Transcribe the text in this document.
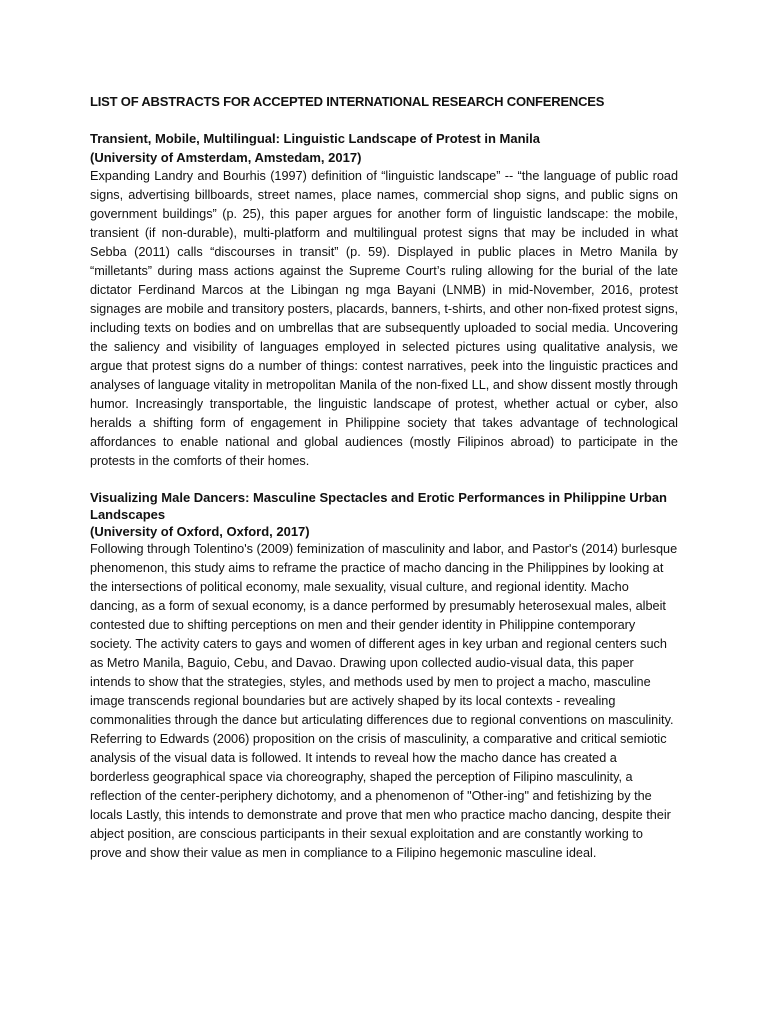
LIST OF ABSTRACTS FOR ACCEPTED INTERNATIONAL RESEARCH CONFERENCES
Transient, Mobile, Multilingual: Linguistic Landscape of Protest in Manila
(University of Amsterdam, Amstedam, 2017)
Expanding Landry and Bourhis (1997) definition of “linguistic landscape” -- “the language of public road signs, advertising billboards, street names, place names, commercial shop signs, and public signs on government buildings” (p. 25), this paper argues for another form of linguistic landscape: the mobile, transient (if non-durable), multi-platform and multilingual protest signs that may be included in what Sebba (2011) calls “discourses in transit” (p. 59). Displayed in public places in Metro Manila by “milletants” during mass actions against the Supreme Court’s ruling allowing for the burial of the late dictator Ferdinand Marcos at the Libingan ng mga Bayani (LNMB) in mid-November, 2016, protest signages are mobile and transitory posters, placards, banners, t-shirts, and other non-fixed protest signs, including texts on bodies and on umbrellas that are subsequently uploaded to social media. Uncovering the saliency and visibility of languages employed in selected pictures using qualitative analysis, we argue that protest signs do a number of things: contest narratives, peek into the linguistic practices and analyses of language vitality in metropolitan Manila of the non-fixed LL, and show dissent mostly through humor. Increasingly transportable, the linguistic landscape of protest, whether actual or cyber, also heralds a shifting form of engagement in Philippine society that takes advantage of technological affordances to enable national and global audiences (mostly Filipinos abroad) to participate in the protests in the comforts of their homes.
Visualizing Male Dancers: Masculine Spectacles and Erotic Performances in Philippine Urban Landscapes
(University of Oxford, Oxford, 2017)
Following through Tolentino's (2009) feminization of masculinity and labor, and Pastor's (2014) burlesque phenomenon, this study aims to reframe the practice of macho dancing in the Philippines by looking at the intersections of political economy, male sexuality, visual culture, and regional identity. Macho dancing, as a form of sexual economy, is a dance performed by presumably heterosexual males, albeit contested due to shifting perceptions on men and their gender identity in Philippine contemporary society. The activity caters to gays and women of different ages in key urban and regional centers such as Metro Manila, Baguio, Cebu, and Davao. Drawing upon collected audio-visual data, this paper intends to show that the strategies, styles, and methods used by men to project a macho, masculine image transcends regional boundaries but are actively shaped by its local contexts - revealing commonalities through the dance but articulating differences due to regional conventions on masculinity. Referring to Edwards (2006) proposition on the crisis of masculinity, a comparative and critical semiotic analysis of the visual data is followed. It intends to reveal how the macho dance has created a borderless geographical space via choreography, shaped the perception of Filipino masculinity, a reflection of the center-periphery dichotomy, and a phenomenon of "Other-ing" and fetishizing by the locals Lastly, this intends to demonstrate and prove that men who practice macho dancing, despite their abject position, are conscious participants in their sexual exploitation and are constantly working to prove and show their value as men in compliance to a Filipino hegemonic masculine ideal.
